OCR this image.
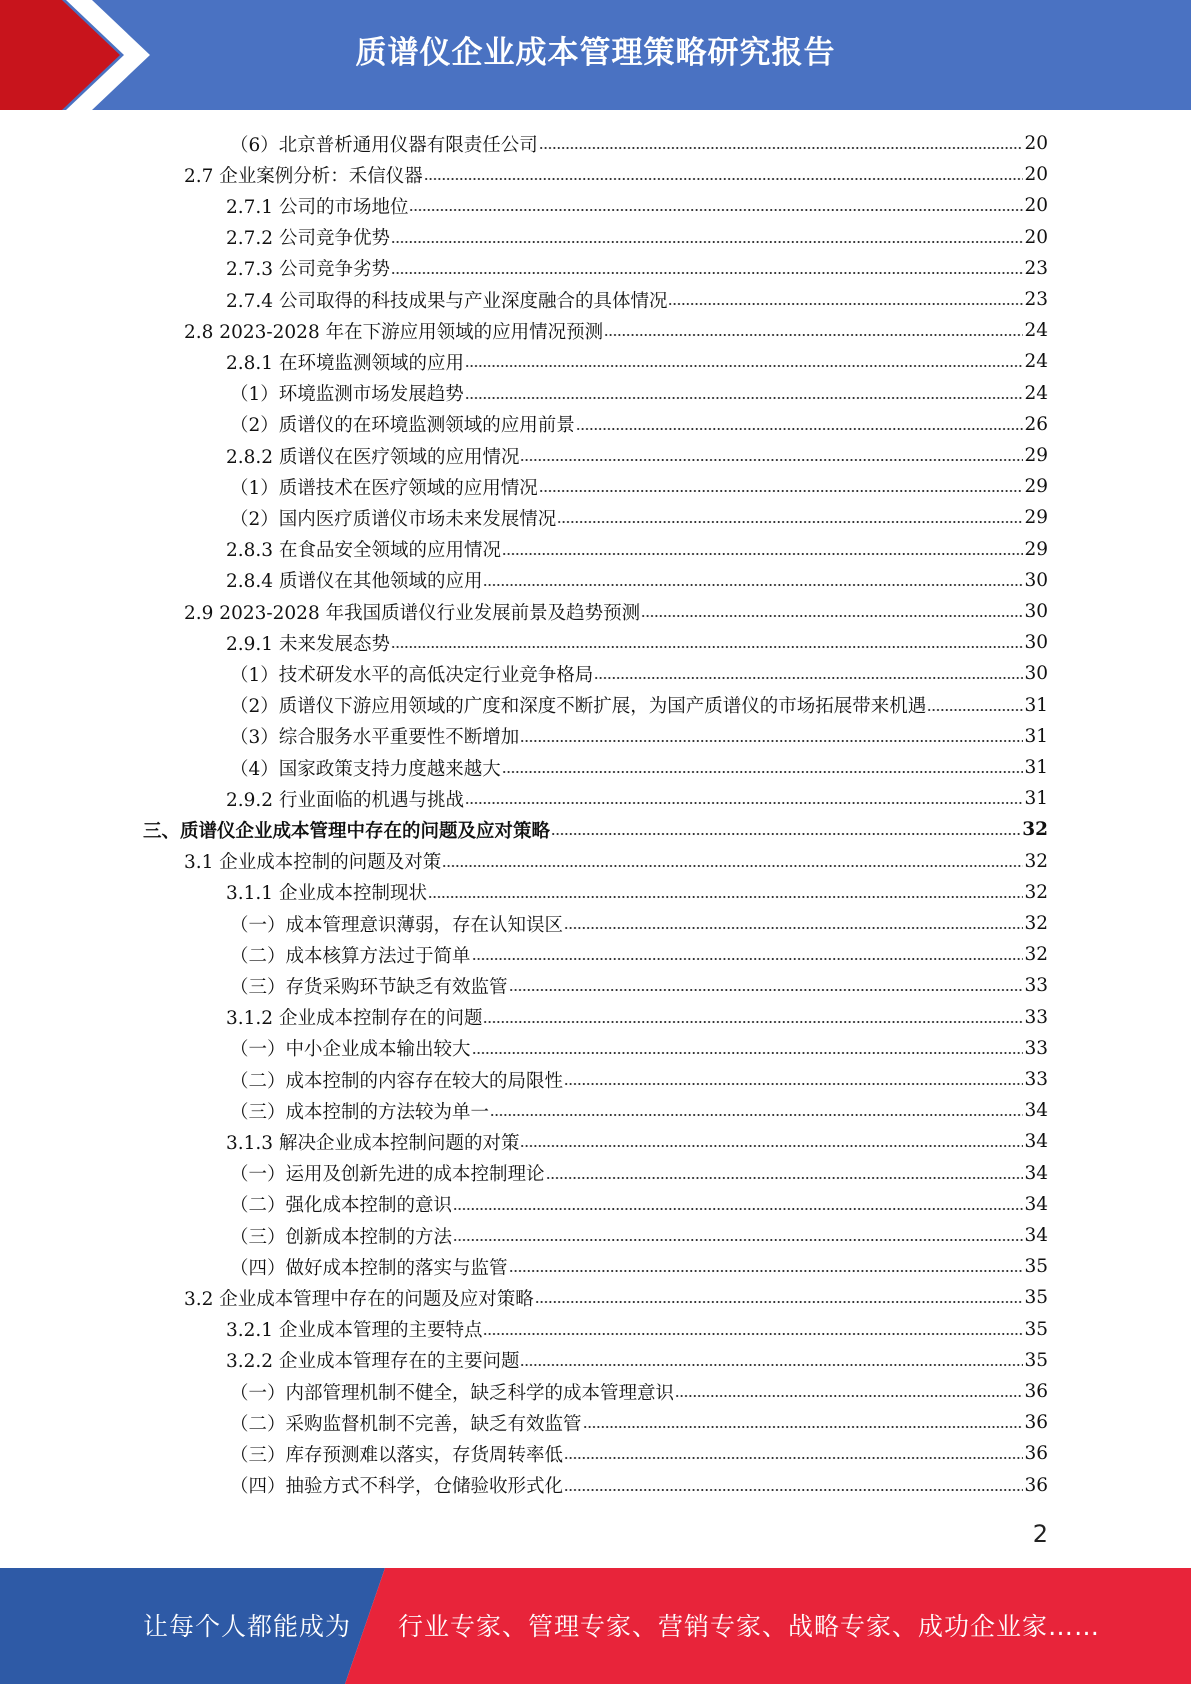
质谱仪企业成本管理策略研究报告
（6）北京普析通用仪器有限责任公司	20
2.7 企业案例分析：禾信仪器	20
2.7.1 公司的市场地位	20
2.7.2 公司竞争优势	20
2.7.3 公司竞争劣势	23
2.7.4 公司取得的科技成果与产业深度融合的具体情况	23
2.8 2023-2028 年在下游应用领域的应用情况预测	24
2.8.1 在环境监测领域的应用	24
（1）环境监测市场发展趋势	24
（2）质谱仪的在环境监测领域的应用前景	26
2.8.2 质谱仪在医疗领域的应用情况	29
（1）质谱技术在医疗领域的应用情况	29
（2）国内医疗质谱仪市场未来发展情况	29
2.8.3 在食品安全领域的应用情况	29
2.8.4 质谱仪在其他领域的应用	30
2.9 2023-2028 年我国质谱仪行业发展前景及趋势预测	30
2.9.1 未来发展态势	30
（1）技术研发水平的高低决定行业竞争格局	30
（2）质谱仪下游应用领域的广度和深度不断扩展，为国产质谱仪的市场拓展带来机遇	31
（3）综合服务水平重要性不断增加	31
（4）国家政策支持力度越来越大	31
2.9.2 行业面临的机遇与挑战	31
三、质谱仪企业成本管理中存在的问题及应对策略	32
3.1 企业成本控制的问题及对策	32
3.1.1 企业成本控制现状	32
（一）成本管理意识薄弱，存在认知误区	32
（二）成本核算方法过于简单	32
（三）存货采购环节缺乏有效监管	33
3.1.2 企业成本控制存在的问题	33
（一）中小企业成本输出较大	33
（二）成本控制的内容存在较大的局限性	33
（三）成本控制的方法较为单一	34
3.1.3 解决企业成本控制问题的对策	34
（一）运用及创新先进的成本控制理论	34
（二）强化成本控制的意识	34
（三）创新成本控制的方法	34
（四）做好成本控制的落实与监管	35
3.2 企业成本管理中存在的问题及应对策略	35
3.2.1 企业成本管理的主要特点	35
3.2.2 企业成本管理存在的主要问题	35
（一）内部管理机制不健全，缺乏科学的成本管理意识	36
（二）采购监督机制不完善，缺乏有效监管	36
（三）库存预测难以落实，存货周转率低	36
（四）抽验方式不科学，仓储验收形式化	36
2
让每个人都能成为 行业专家、管理专家、营销专家、战略专家、成功企业家……
